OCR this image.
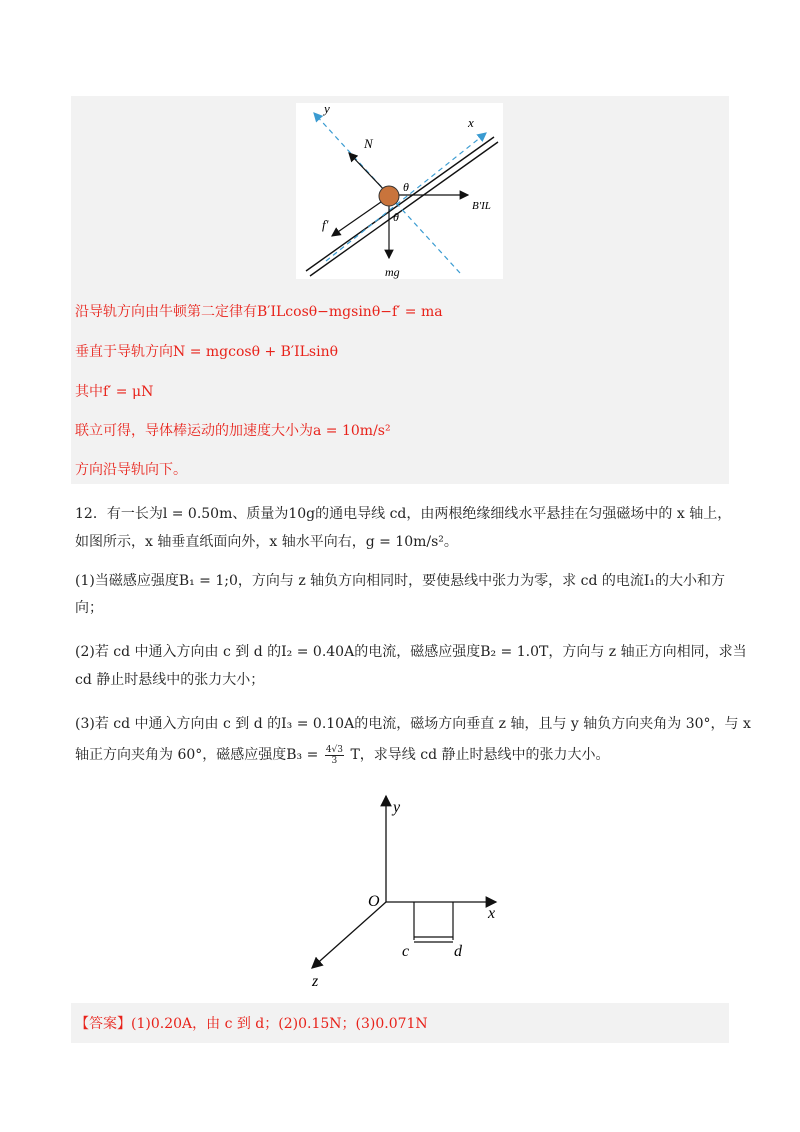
y
x
N
θ
B′IL
f′	θ
mg
沿导轨方向由牛顿第二定律有B′ILcosθ−mgsinθ−f′ = ma
垂直于导轨方向N = mgcosθ + B′ILsinθ
其中f′ = μN
联立可得，导体棒运动的加速度大小为a = 10m/s²
方向沿导轨向下。
12．有一长为l = 0.50m、质量为10g的通电导线 cd，由两根绝缘细线水平悬挂在匀强磁场中的 x 轴上，
如图所示，x 轴垂直纸面向外，x 轴水平向右，g = 10m/s²。
(1)当磁感应强度B₁ = 1;0，方向与 z 轴负方向相同时，要使悬线中张力为零，求 cd 的电流I₁的大小和方
向；
(2)若 cd 中通入方向由 c 到 d 的I₂ = 0.40A的电流，磁感应强度B₂ = 1.0T，方向与 z 轴正方向相同，求当
cd 静止时悬线中的张力大小；
(3)若 cd 中通入方向由 c 到 d 的I₃ = 0.10A的电流，磁场方向垂直 z 轴，且与 y 轴负方向夹角为 30°，与 x
轴正方向夹角为 60°，磁感应强度$B_3 = \frac{4√3}{3}$ T，求导线 cd 静止时悬线中的张力大小。
y
O
x
z
c	d
【答案】(1)0.20A，由 c 到 d；(2)0.15N；(3)0.071N
